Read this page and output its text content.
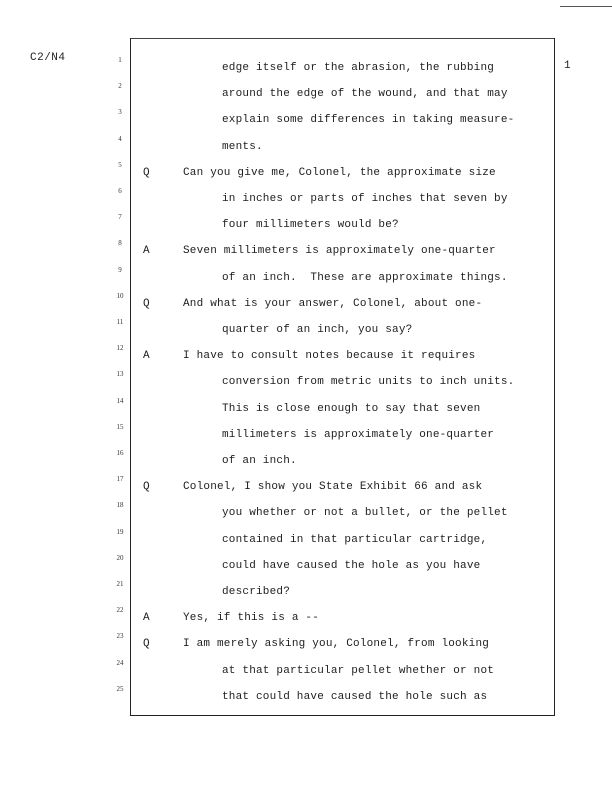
C2/N4
1
1
edge itself or the abrasion, the rubbing
2
around the edge of the wound, and that may
3
explain some differences in taking measure-
4
ments.
5
Q	Can you give me, Colonel, the approximate size
6
in inches or parts of inches that seven by
7
four millimeters would be?
8
A	Seven millimeters is approximately one-quarter
9
of an inch.  These are approximate things.
10
Q	And what is your answer, Colonel, about one-
11
quarter of an inch, you say?
12
A	I have to consult notes because it requires
13
conversion from metric units to inch units.
14
This is close enough to say that seven
15
millimeters is approximately one-quarter
16
of an inch.
17
Q	Colonel, I show you State Exhibit 66 and ask
18
you whether or not a bullet, or the pellet
19
contained in that particular cartridge,
20
could have caused the hole as you have
21
described?
22
A	Yes, if this is a --
23
Q	I am merely asking you, Colonel, from looking
24
at that particular pellet whether or not
25
that could have caused the hole such as
